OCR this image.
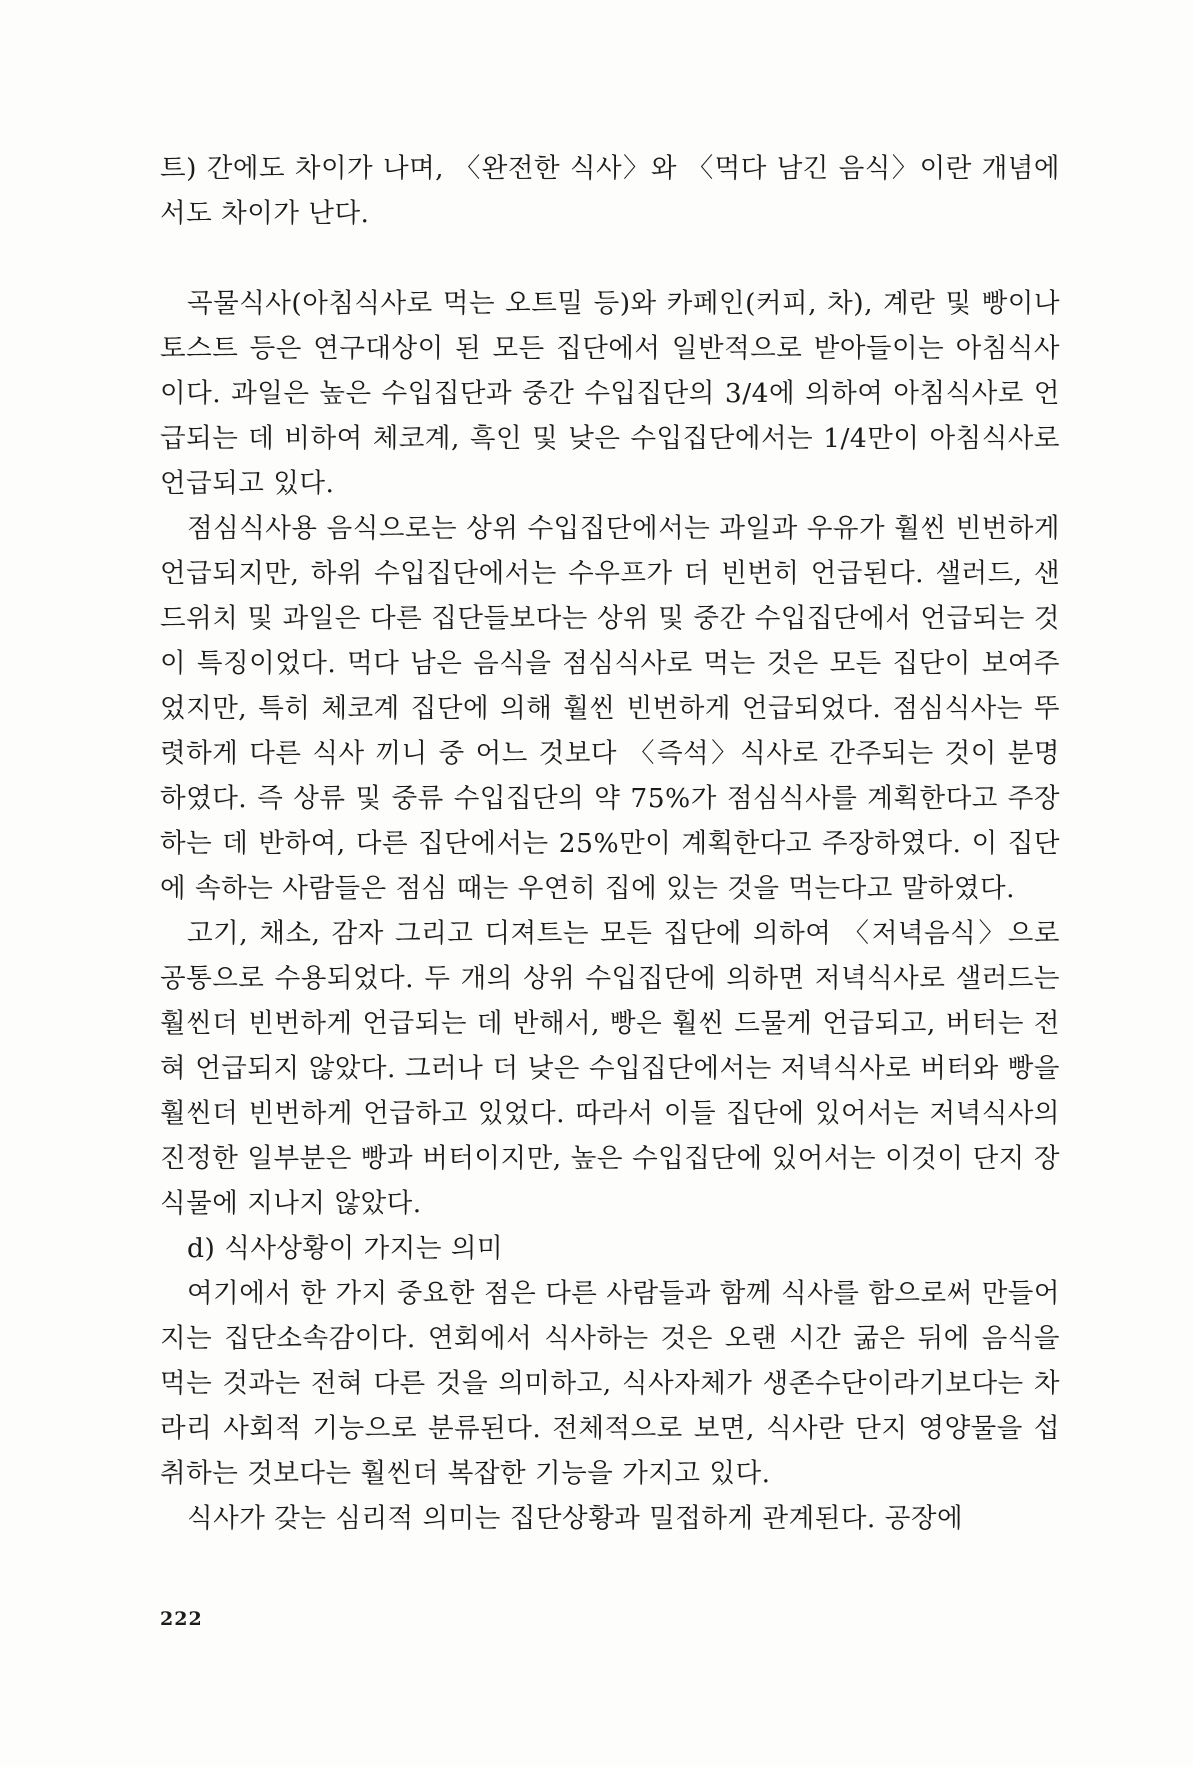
트) 간에도 차이가 나며, 〈완전한 식사〉와 〈먹다 남긴 음식〉이란 개념에서도 차이가 난다.

곡물식사(아침식사로 먹는 오트밀 등)와 카페인(커피, 차), 계란 및 빵이나 토스트 등은 연구대상이 된 모든 집단에서 일반적으로 받아들이는 아침식사이다. 과일은 높은 수입집단과 중간 수입집단의 3/4에 의하여 아침식사로 언급되는 데 비하여 체코계, 흑인 및 낮은 수입집단에서는 1/4만이 아침식사로 언급되고 있다.

점심식사용 음식으로는 상위 수입집단에서는 과일과 우유가 훨씬 빈번하게 언급되지만, 하위 수입집단에서는 수우프가 더 빈번히 언급된다. 샐러드, 샌드위치 및 과일은 다른 집단들보다는 상위 및 중간 수입집단에서 언급되는 것이 특징이었다. 먹다 남은 음식을 점심식사로 먹는 것은 모든 집단이 보여주었지만, 특히 체코계 집단에 의해 훨씬 빈번하게 언급되었다. 점심식사는 뚜렷하게 다른 식사 끼니 중 어느 것보다 〈즉석〉식사로 간주되는 것이 분명하였다. 즉 상류 및 중류 수입집단의 약 75%가 점심식사를 계획한다고 주장하는 데 반하여, 다른 집단에서는 25%만이 계획한다고 주장하였다. 이 집단에 속하는 사람들은 점심 때는 우연히 집에 있는 것을 먹는다고 말하였다.

고기, 채소, 감자 그리고 디져트는 모든 집단에 의하여 〈저녁음식〉으로 공통으로 수용되었다. 두 개의 상위 수입집단에 의하면 저녁식사로 샐러드는 훨씬더 빈번하게 언급되는 데 반해서, 빵은 훨씬 드물게 언급되고, 버터는 전혀 언급되지 않았다. 그러나 더 낮은 수입집단에서는 저녁식사로 버터와 빵을 훨씬더 빈번하게 언급하고 있었다. 따라서 이들 집단에 있어서는 저녁식사의 진정한 일부분은 빵과 버터이지만, 높은 수입집단에 있어서는 이것이 단지 장식물에 지나지 않았다.

d) 식사상황이 가지는 의미

여기에서 한 가지 중요한 점은 다른 사람들과 함께 식사를 함으로써 만들어지는 집단소속감이다. 연회에서 식사하는 것은 오랜 시간 굶은 뒤에 음식을 먹는 것과는 전혀 다른 것을 의미하고, 식사자체가 생존수단이라기보다는 차라리 사회적 기능으로 분류된다. 전체적으로 보면, 식사란 단지 영양물을 섭취하는 것보다는 훨씬더 복잡한 기능을 가지고 있다.

식사가 갖는 심리적 의미는 집단상황과 밀접하게 관계된다. 공장에

222
